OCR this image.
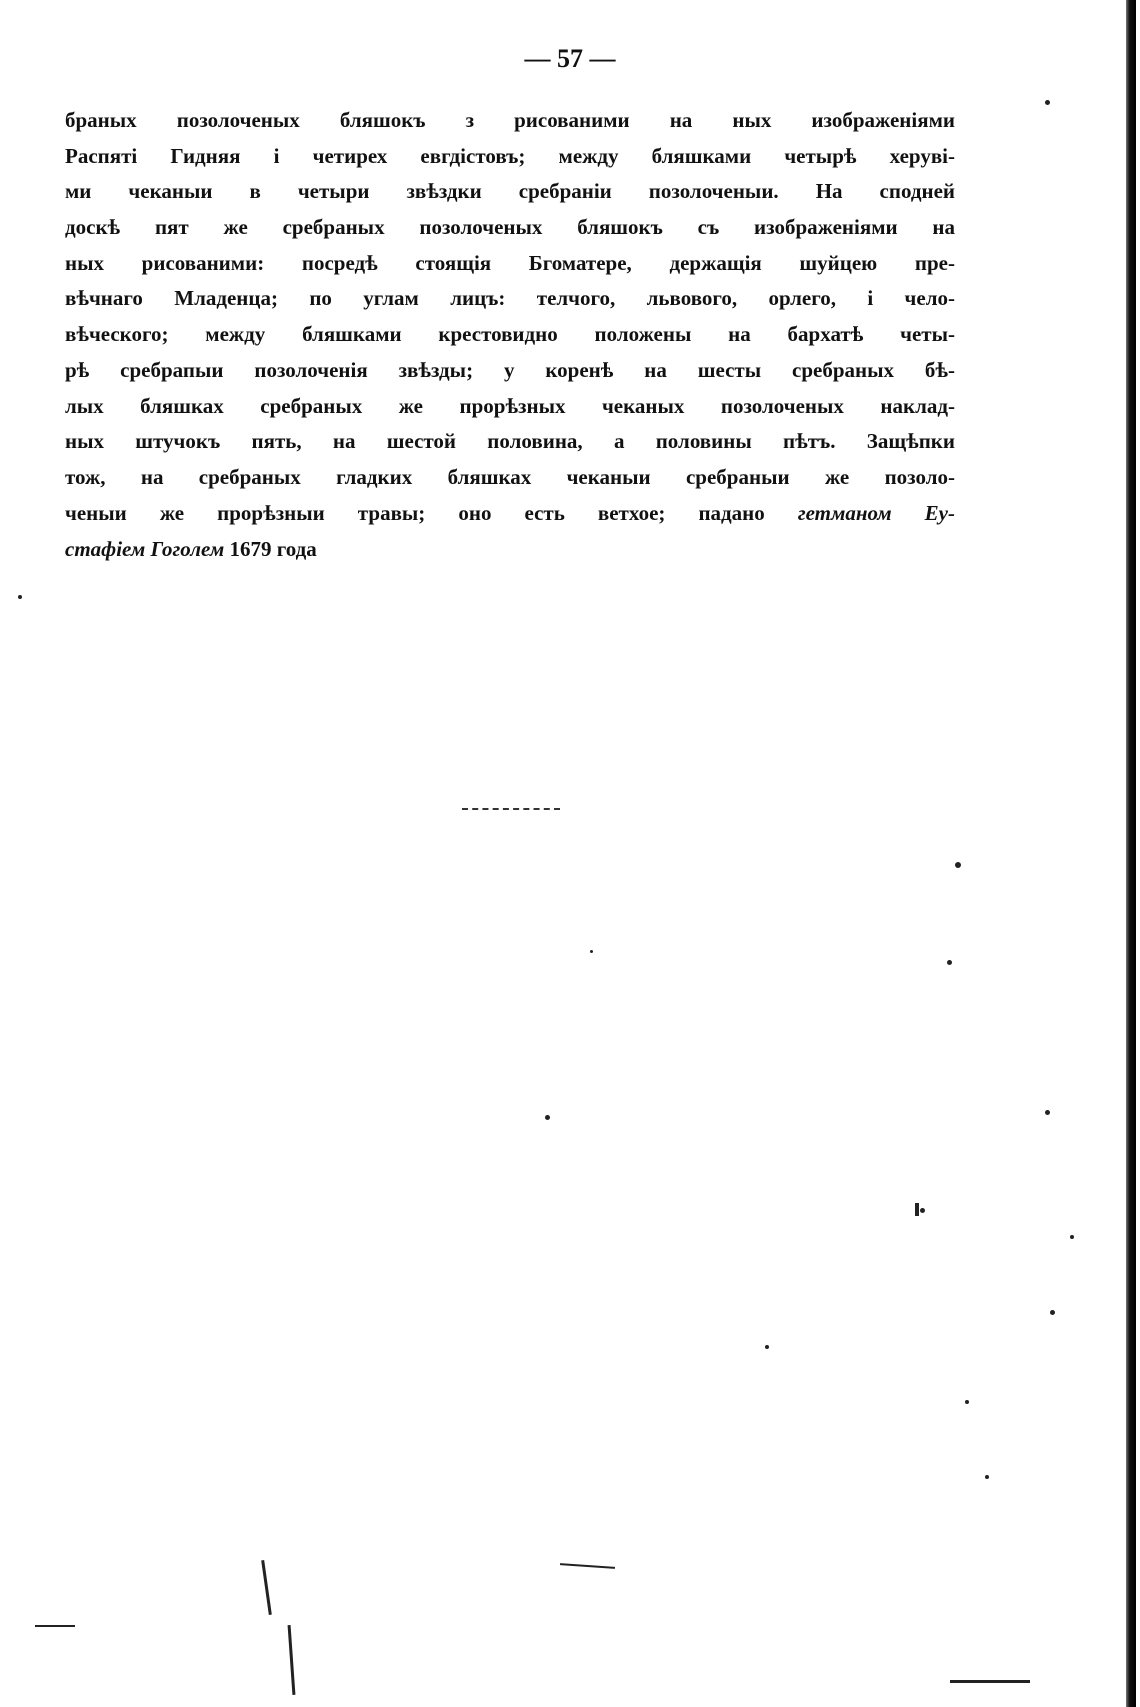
— 57 —
браных позолоченых бляшокъ з рисованими на ных изображеніями
Распяті Гидняя і четирех евгдістовъ; между бляшками четырѣ херуві-
ми чеканыи в четыри звѣздки сребраніи позолоченыи. На сподней
доскѣ пят же сребраных позолоченых бляшокъ съ изображеніями на
ных рисованими: посредѣ стоящія Бгоматере, держащія шуйцею пре-
вѣчнаго Младенца; по углам лицъ: телчого, львового, орлего, і чело-
вѣческого; между бляшками крестовидно положены на бархатѣ четы-
рѣ сребрапыи позолоченія звѣзды; у коренѣ на шесты сребраных бѣ-
лых бляшках сребраных же прорѣзных чеканых позолоченых наклад-
ных штучокъ пять, на шестой половина, а половины пѣтъ. Защѣпки
тож, на сребраных гладких бляшках чеканыи сребраныи же позоло-
ченыи же прорѣзныи травы; оно есть ветхое; падано гетманом Еу-
стафіем Гоголем 1679 года
